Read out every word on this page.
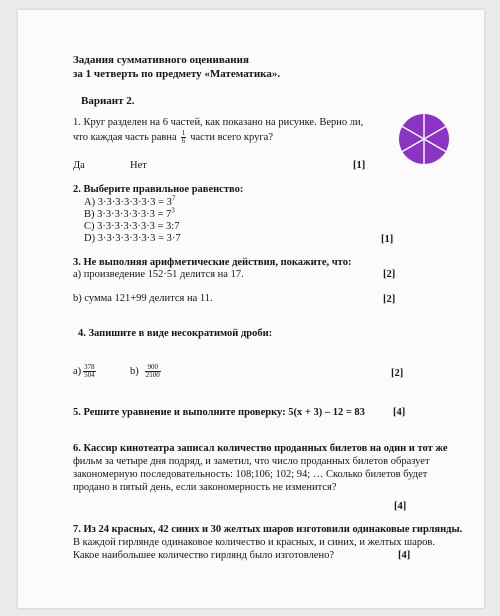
Задания суммативного оценивания
за 1 четверть по предмету «Математика».
Вариант 2.
1. Круг разделен на 6 частей, как показано на рисунке. Верно ли,
что каждая часть равна $\frac{1}{6}$ части всего круга?
Да	Нет	[1]
2. Выберите правильное равенство:
А) $3\cdot 3\cdot 3\cdot 3\cdot 3\cdot 3\cdot 3 = 3^7$
В) $3\cdot 3\cdot 3\cdot 3\cdot 3\cdot 3\cdot 3 = 7^3$
С) 3·3·3·3·3·3·3 = 3:7
D) 3·3·3·3·3·3·3 = 3·7	[1]
3. Не выполняя арифметические действия, покажите, что:
а) произведение 152·51 делится на 17.	[2]
b) сумма 121+99 делится на 11.	[2]
4. Запишите в виде несократимой дроби:
$а) \frac{378}{504}$	$b) \frac{900}{2100}$	[2]
5. Решите уравнение и выполните проверку: 5(х + 3) – 12 = 83	[4]
6. Кассир кинотеатра записал количество проданных билетов на один и тот же
фильм за четыре дня подряд, и заметил, что число проданных билетов образует
закономерную последовательность: 108;106; 102; 94; … Сколько билетов будет
продано в пятый день, если закономерность не изменится?
[4]
7. Из 24 красных, 42 синих и 30 желтых шаров изготовили одинаковые гирлянды.
В каждой гирлянде одинаковое количество и красных, и синих, и желтых шаров.
Какое наибольшее количество гирлянд было изготовлено?	[4]
